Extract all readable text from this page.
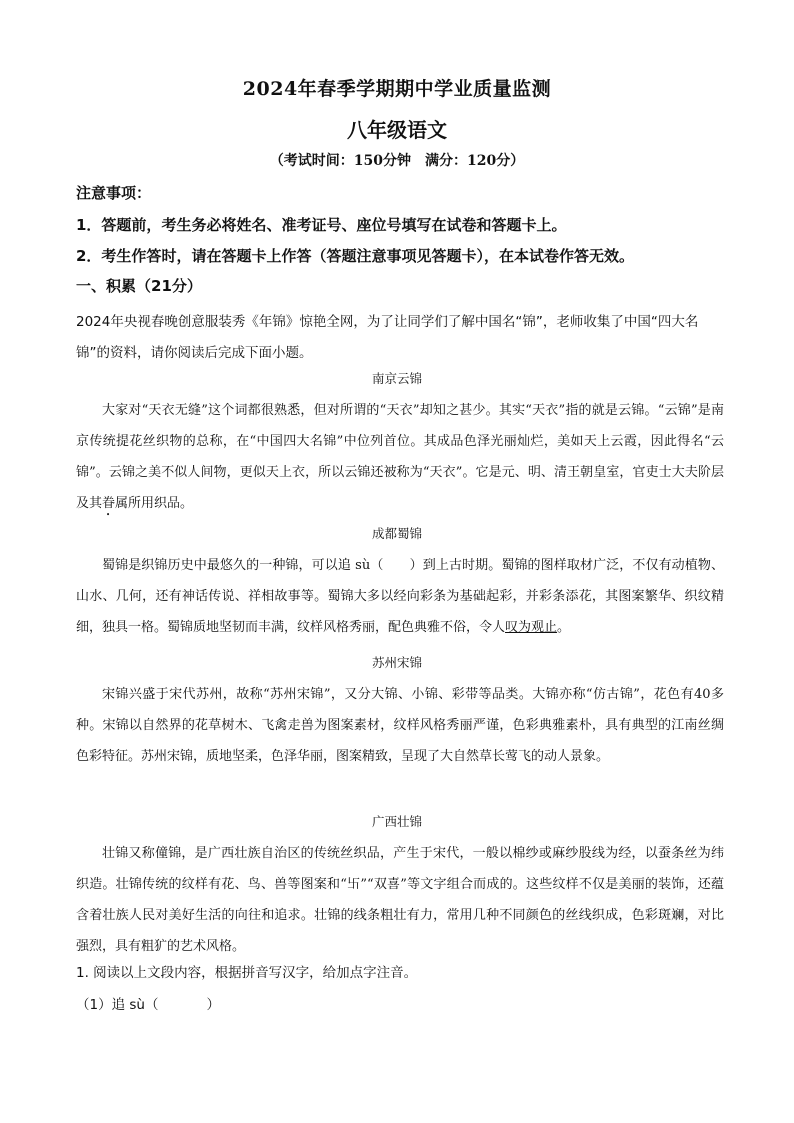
2024年春季学期期中学业质量监测
八年级语文
（考试时间：150分钟　满分：120分）
注意事项：
1．答题前，考生务必将姓名、准考证号、座位号填写在试卷和答题卡上。
2．考生作答时，请在答题卡上作答（答题注意事项见答题卡），在本试卷作答无效。
一、积累（21分）
2024年央视春晚创意服装秀《年锦》惊艳全网，为了让同学们了解中国名“锦”，老师收集了中国“四大名锦”的资料，请你阅读后完成下面小题。
南京云锦
大家对“天衣无缝”这个词都很熟悉，但对所谓的“天衣”却知之甚少。其实“天衣”指的就是云锦。“云锦”是南京传统提花丝织物的总称，在“中国四大名锦”中位列首位。其成品色泽光丽灿烂，美如天上云霞，因此得名“云锦”。云锦之美不似人间物，更似天上衣，所以云锦还被称为“天衣”。它是元、明、清王朝皇室，官吏士大夫阶层及其眷属所用织品。
成都蜀锦
蜀锦是织锦历史中最悠久的一种锦，可以追 sù（　　）到上古时期。蜀锦的图样取材广泛，不仅有动植物、山水、几何，还有神话传说、祥相故事等。蜀锦大多以经向彩条为基础起彩，并彩条添花，其图案繁华、织纹精细，独具一格。蜀锦质地坚韧而丰满，纹样风格秀丽，配色典雅不俗，令人叹为观止。
苏州宋锦
宋锦兴盛于宋代苏州，故称“苏州宋锦”，又分大锦、小锦、彩带等品类。大锦亦称“仿古锦”，花色有40多种。宋锦以自然界的花草树木、飞禽走兽为图案素材，纹样风格秀丽严谨，色彩典雅素朴，具有典型的江南丝绸色彩特征。苏州宋锦，质地坚柔，色泽华丽，图案精致，呈现了大自然草长莺飞的动人景象。
广西壮锦
壮锦又称僮锦，是广西壮族自治区的传统丝织品，产生于宋代，一般以棉纱或麻纱股线为经，以蚕条丝为纬织造。壮锦传统的纹样有花、鸟、兽等图案和“卐”“双喜”等文字组合而成的。这些纹样不仅是美丽的装饰，还蕴含着壮族人民对美好生活的向往和追求。壮锦的线条粗壮有力，常用几种不同颜色的丝线织成，色彩斑斓，对比强烈，具有粗犷的艺术风格。
1. 阅读以上文段内容，根据拼音写汉字，给加点字注音。
（1）追 sù（	）
